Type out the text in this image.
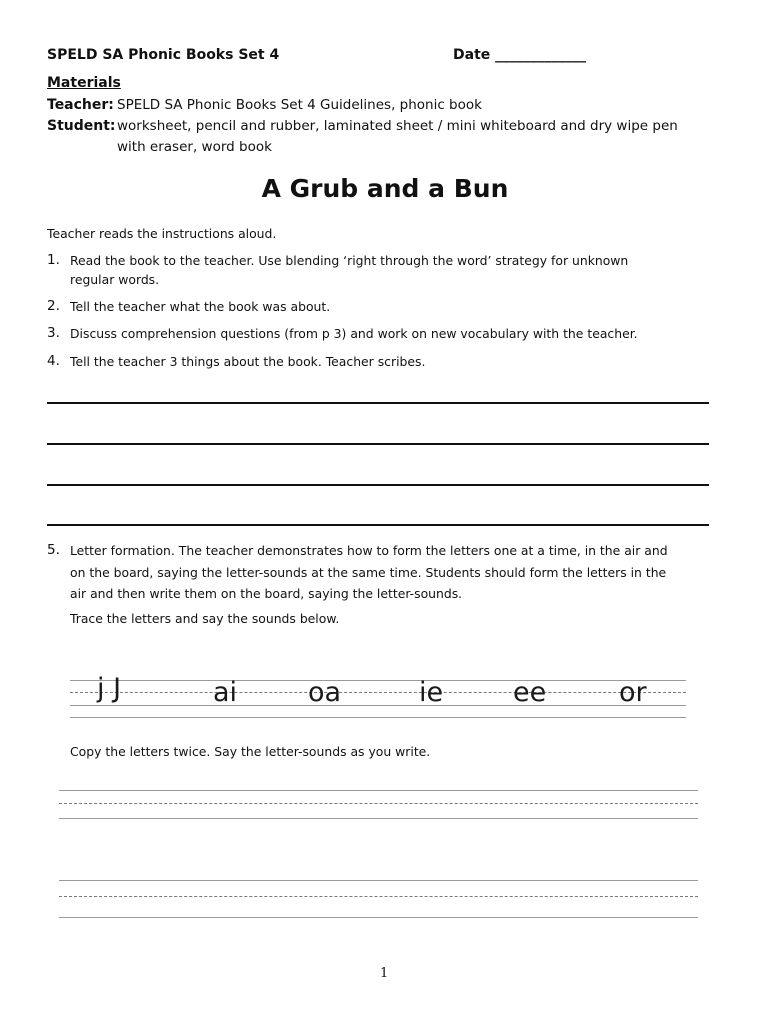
SPELD SA Phonic Books Set 4	Date _____________
Materials
Teacher: SPELD SA Phonic Books Set 4 Guidelines, phonic book
Student: worksheet, pencil and rubber, laminated sheet / mini whiteboard and dry wipe pen
with eraser, word book
A Grub and a Bun
Teacher reads the instructions aloud.
1. Read the book to the teacher. Use blending ‘right through the word’ strategy for unknown
regular words.
2. Tell the teacher what the book was about.
3. Discuss comprehension questions (from p 3) and work on new vocabulary with the teacher.
4. Tell the teacher 3 things about the book. Teacher scribes.
5. Letter formation. The teacher demonstrates how to form the letters one at a time, in the air and
on the board, saying the letter-sounds at the same time. Students should form the letters in the
air and then write them on the board, saying the letter-sounds.
Trace the letters and say the sounds below.
j J	ai	oa	ie	ee	or
Copy the letters twice. Say the letter-sounds as you write.
1
